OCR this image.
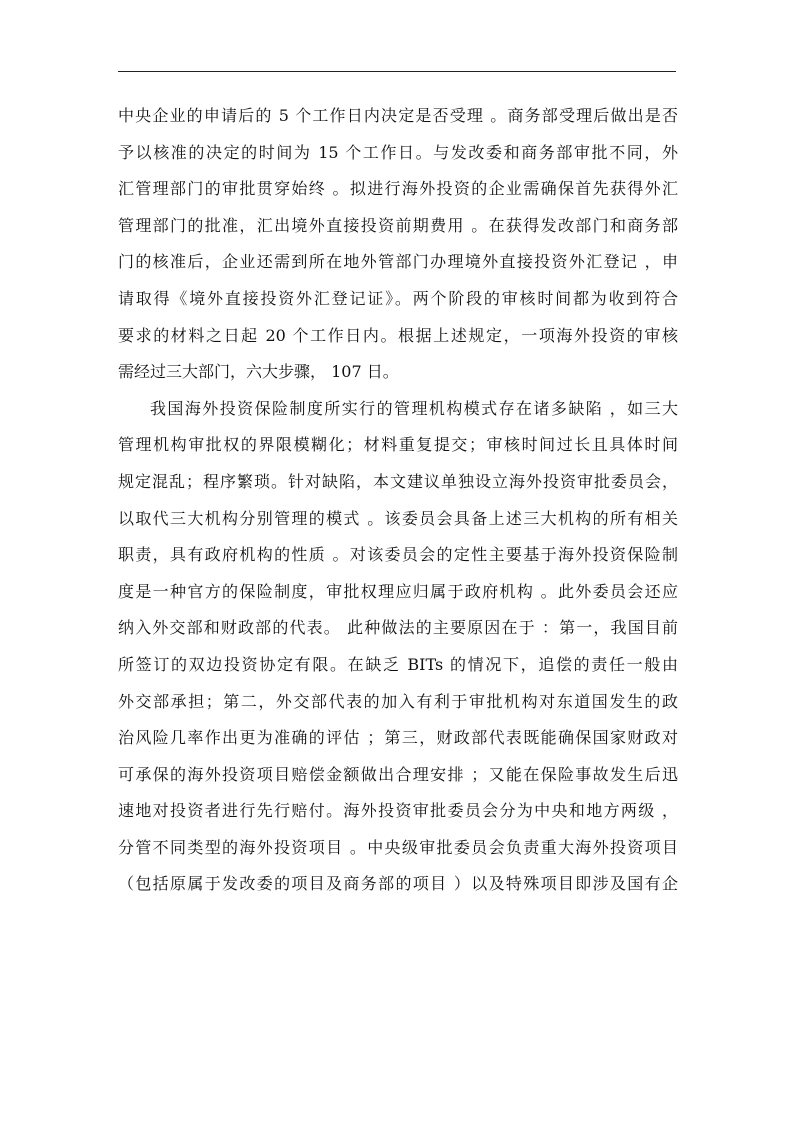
中央企业的申请后的 5 个工作日内决定是否受理 。商务部受理后做出是否
予以核准的决定的时间为 15 个工作日。与发改委和商务部审批不同，外
汇管理部门的审批贯穿始终 。拟进行海外投资的企业需确保首先获得外汇
管理部门的批准，汇出境外直接投资前期费用 。在获得发改部门和商务部
门的核准后，企业还需到所在地外管部门办理境外直接投资外汇登记 ，申
请取得《境外直接投资外汇登记证》。两个阶段的审核时间都为收到符合
要求的材料之日起 20 个工作日内。根据上述规定，一项海外投资的审核
需经过三大部门，六大步骤， 107 日。
我国海外投资保险制度所实行的管理机构模式存在诸多缺陷 ，如三大
管理机构审批权的界限模糊化；材料重复提交；审核时间过长且具体时间
规定混乱；程序繁琐。针对缺陷，本文建议单独设立海外投资审批委员会，
以取代三大机构分别管理的模式 。该委员会具备上述三大机构的所有相关
职责，具有政府机构的性质 。对该委员会的定性主要基于海外投资保险制
度是一种官方的保险制度，审批权理应归属于政府机构 。此外委员会还应
纳入外交部和财政部的代表。 此种做法的主要原因在于 ：第一，我国目前
所签订的双边投资协定有限。在缺乏 BITs 的情况下，追偿的责任一般由
外交部承担；第二，外交部代表的加入有利于审批机构对东道国发生的政
治风险几率作出更为准确的评估 ；第三，财政部代表既能确保国家财政对
可承保的海外投资项目赔偿金额做出合理安排 ；又能在保险事故发生后迅
速地对投资者进行先行赔付。海外投资审批委员会分为中央和地方两级 ，
分管不同类型的海外投资项目 。中央级审批委员会负责重大海外投资项目
（包括原属于发改委的项目及商务部的项目 ）以及特殊项目即涉及国有企
